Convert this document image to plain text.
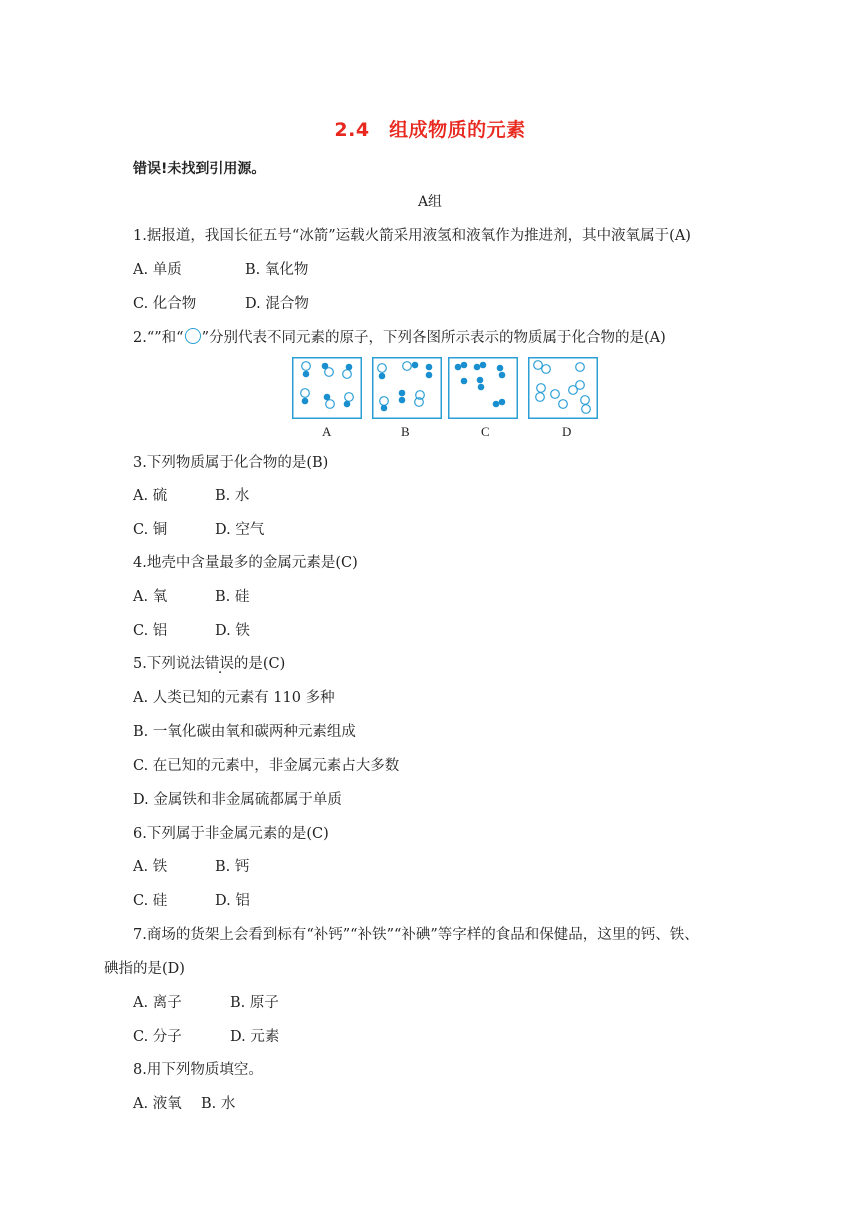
2.4　组成物质的元素
错误!未找到引用源。
A组
1.据报道，我国长征五号“冰箭”运载火箭采用液氢和液氧作为推进剂，其中液氧属于(A)
A. 单质	B. 氧化物
C. 化合物	D. 混合物
2.“”和“ ”分别代表不同元素的原子，下列各图所示表示的物质属于化合物的是(A)
A	B	C	D
3.下列物质属于化合物的是(B)
A. 硫	B. 水
C. 铜	D. 空气
4.地壳中含量最多的金属元素是(C)
A. 氧	B. 硅
C. 铝	D. 铁
5.下列说法错误的是(C)
A. 人类已知的元素有 110 多种
B. 一氧化碳由氧和碳两种元素组成
C. 在已知的元素中，非金属元素占大多数
D. 金属铁和非金属硫都属于单质
6.下列属于非金属元素的是(C)
A. 铁	B. 钙
C. 硅	D. 铝
7.商场的货架上会看到标有“补钙”“补铁”“补碘”等字样的食品和保健品，这里的钙、铁、
碘指的是(D)
A. 离子	B. 原子
C. 分子	D. 元素
8.用下列物质填空。
A. 液氧 B. 水
